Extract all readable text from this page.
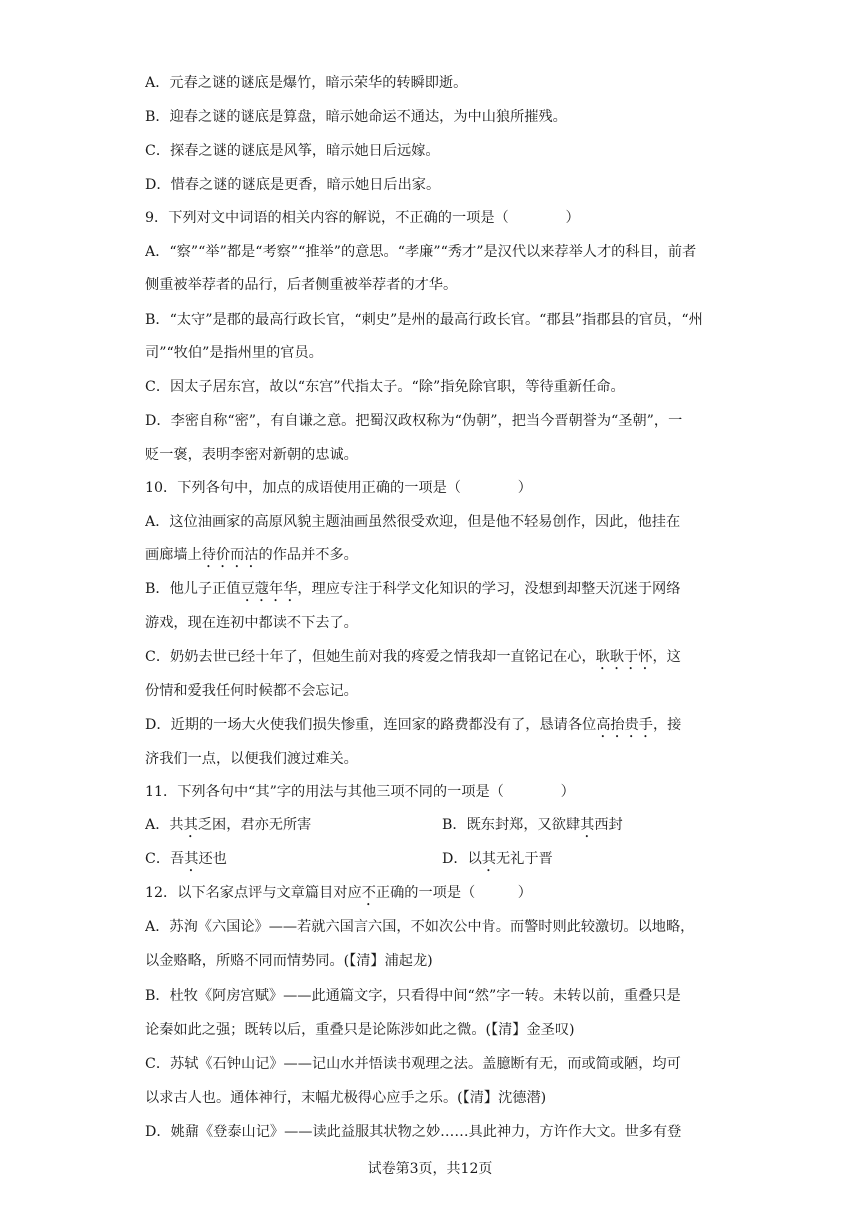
A．元春之谜的谜底是爆竹，暗示荣华的转瞬即逝。
B．迎春之谜的谜底是算盘，暗示她命运不通达，为中山狼所摧残。
C．探春之谜的谜底是风筝，暗示她日后远嫁。
D．惜春之谜的谜底是更香，暗示她日后出家。
9．下列对文中词语的相关内容的解说，不正确的一项是（　　　　）
A．“察”“举”都是“考察”“推举”的意思。“孝廉”“秀才”是汉代以来荐举人才的科目，前者
侧重被举荐者的品行，后者侧重被举荐者的才华。
B．“太守”是郡的最高行政长官，“刺史”是州的最高行政长官。“郡县”指郡县的官员，“州
司”“牧伯”是指州里的官员。
C．因太子居东宫，故以“东宫”代指太子。“除”指免除官职，等待重新任命。
D．李密自称“密”，有自谦之意。把蜀汉政权称为“伪朝”，把当今晋朝誉为“圣朝”，一
贬一褒，表明李密对新朝的忠诚。
10．下列各句中，加点的成语使用正确的一项是（　　　　）
A．这位油画家的高原风貌主题油画虽然很受欢迎，但是他不轻易创作，因此，他挂在
画廊墙上待价而沽的作品并不多。
B．他儿子正值豆蔻年华，理应专注于科学文化知识的学习，没想到却整天沉迷于网络
游戏，现在连初中都读不下去了。
C．奶奶去世已经十年了，但她生前对我的疼爱之情我却一直铭记在心，耿耿于怀，这
份情和爱我任何时候都不会忘记。
D．近期的一场大火使我们损失惨重，连回家的路费都没有了，恳请各位高抬贵手，接
济我们一点，以便我们渡过难关。
11．下列各句中“其”字的用法与其他三项不同的一项是（　　　　）
A．共其乏困，君亦无所害	B．既东封郑，又欲肆其西封
C．吾其还也	D．以其无礼于晋
12．以下名家点评与文章篇目对应不正确的一项是（　　　）
A．苏洵《六国论》——若就六国言六国，不如次公中肯。而警时则此较激切。以地略，
以金赂略，所赂不同而情势同。(【清】浦起龙)
B．杜牧《阿房宫赋》——此通篇文字，只看得中间“然”字一转。未转以前，重叠只是
论秦如此之强；既转以后，重叠只是论陈涉如此之微。(【清】金圣叹)
C．苏轼《石钟山记》——记山水并悟读书观理之法。盖臆断有无，而或简或陋，均可
以求古人也。通体神行，末幅尤极得心应手之乐。(【清】沈德潜)
D．姚鼐《登泰山记》——读此益服其状物之妙……具此神力，方许作大文。世多有登
试卷第3页，共12页
